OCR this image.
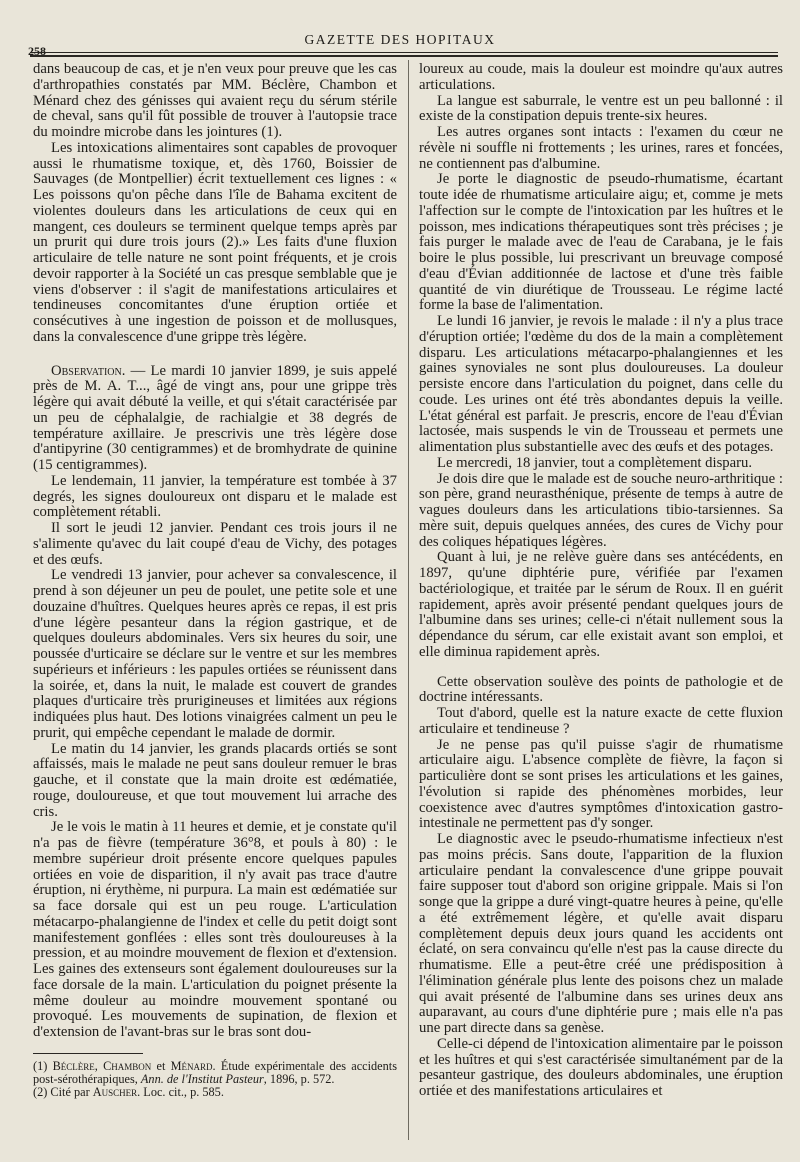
258
GAZETTE DES HOPITAUX

dans beaucoup de cas, et je n'en veux pour preuve que les cas d'arthropathies constatés par MM. Béclère, Chambon et Ménard chez des génisses qui avaient reçu du sérum stérile de cheval, sans qu'il fût possible de trouver à l'autopsie trace du moindre microbe dans les jointures (1).

Les intoxications alimentaires sont capables de provoquer aussi le rhumatisme toxique, et, dès 1760, Boissier de Sauvages (de Montpellier) écrit textuellement ces lignes : « Les poissons qu'on pêche dans l'île de Bahama excitent de violentes douleurs dans les articulations de ceux qui en mangent, ces douleurs se terminent quelque temps après par un prurit qui dure trois jours (2).» Les faits d'une fluxion articulaire de telle nature ne sont point fréquents, et je crois devoir rapporter à la Société un cas presque semblable que je viens d'observer : il s'agit de manifestations articulaires et tendineuses concomitantes d'une éruption ortiée et consécutives à une ingestion de poisson et de mollusques, dans la convalescence d'une grippe très légère.

Observation. — Le mardi 10 janvier 1899, je suis appelé près de M. A. T..., âgé de vingt ans, pour une grippe très légère qui avait débuté la veille, et qui s'était caractérisée par un peu de céphalalgie, de rachialgie et 38 degrés de température axillaire. Je prescrivis une très légère dose d'antipyrine (30 centigrammes) et de bromhydrate de quinine (15 centigrammes).

Le lendemain, 11 janvier, la température est tombée à 37 degrés, les signes douloureux ont disparu et le malade est complètement rétabli.

Il sort le jeudi 12 janvier. Pendant ces trois jours il ne s'alimente qu'avec du lait coupé d'eau de Vichy, des potages et des œufs.

Le vendredi 13 janvier, pour achever sa convalescence, il prend à son déjeuner un peu de poulet, une petite sole et une douzaine d'huîtres. Quelques heures après ce repas, il est pris d'une légère pesanteur dans la région gastrique, et de quelques douleurs abdominales. Vers six heures du soir, une poussée d'urticaire se déclare sur le ventre et sur les membres supérieurs et inférieurs : les papules ortiées se réunissent dans la soirée, et, dans la nuit, le malade est couvert de grandes plaques d'urticaire très prurigineuses et limitées aux régions indiquées plus haut. Des lotions vinaigrées calment un peu le prurit, qui empêche cependant le malade de dormir.

Le matin du 14 janvier, les grands placards ortiés se sont affaissés, mais le malade ne peut sans douleur remuer le bras gauche, et il constate que la main droite est œdématiée, rouge, douloureuse, et que tout mouvement lui arrache des cris.

Je le vois le matin à 11 heures et demie, et je constate qu'il n'a pas de fièvre (température 36°8, et pouls à 80) : le membre supérieur droit présente encore quelques papules ortiées en voie de disparition, il n'y avait pas trace d'autre éruption, ni érythème, ni purpura. La main est œdématiée sur sa face dorsale qui est un peu rouge. L'articulation métacarpo-phalangienne de l'index et celle du petit doigt sont manifestement gonflées : elles sont très douloureuses à la pression, et au moindre mouvement de flexion et d'extension. Les gaines des extenseurs sont également douloureuses sur la face dorsale de la main. L'articulation du poignet présente la même douleur au moindre mouvement spontané ou provoqué. Les mouvements de supination, de flexion et d'extension de l'avant-bras sur le bras sont dou-

(1) Béclère, Chambon et Ménard. Étude expérimentale des accidents post-sérothérapiques, Ann. de l'Institut Pasteur, 1896, p. 572.

(2) Cité par Auscher. Loc. cit., p. 585.

loureux au coude, mais la douleur est moindre qu'aux autres articulations.

La langue est saburrale, le ventre est un peu ballonné : il existe de la constipation depuis trente-six heures.

Les autres organes sont intacts : l'examen du cœur ne révèle ni souffle ni frottements ; les urines, rares et foncées, ne contiennent pas d'albumine.

Je porte le diagnostic de pseudo-rhumatisme, écartant toute idée de rhumatisme articulaire aigu; et, comme je mets l'affection sur le compte de l'intoxication par les huîtres et le poisson, mes indications thérapeutiques sont très précises ; je fais purger le malade avec de l'eau de Carabana, je le fais boire le plus possible, lui prescrivant un breuvage composé d'eau d'Évian additionnée de lactose et d'une très faible quantité de vin diurétique de Trousseau. Le régime lacté forme la base de l'alimentation.

Le lundi 16 janvier, je revois le malade : il n'y a plus trace d'éruption ortiée; l'œdème du dos de la main a complètement disparu. Les articulations métacarpo-phalangiennes et les gaines synoviales ne sont plus douloureuses. La douleur persiste encore dans l'articulation du poignet, dans celle du coude. Les urines ont été très abondantes depuis la veille. L'état général est parfait. Je prescris, encore de l'eau d'Évian lactosée, mais suspends le vin de Trousseau et permets une alimentation plus substantielle avec des œufs et des potages.

Le mercredi, 18 janvier, tout a complètement disparu.

Je dois dire que le malade est de souche neuro-arthritique : son père, grand neurasthénique, présente de temps à autre de vagues douleurs dans les articulations tibio-tarsiennes. Sa mère suit, depuis quelques années, des cures de Vichy pour des coliques hépatiques légères.

Quant à lui, je ne relève guère dans ses antécédents, en 1897, qu'une diphtérie pure, vérifiée par l'examen bactériologique, et traitée par le sérum de Roux. Il en guérit rapidement, après avoir présenté pendant quelques jours de l'albumine dans ses urines; celle-ci n'était nullement sous la dépendance du sérum, car elle existait avant son emploi, et elle diminua rapidement après.

Cette observation soulève des points de pathologie et de doctrine intéressants.

Tout d'abord, quelle est la nature exacte de cette fluxion articulaire et tendineuse ?

Je ne pense pas qu'il puisse s'agir de rhumatisme articulaire aigu. L'absence complète de fièvre, la façon si particulière dont se sont prises les articulations et les gaines, l'évolution si rapide des phénomènes morbides, leur coexistence avec d'autres symptômes d'intoxication gastro-intestinale ne permettent pas d'y songer.

Le diagnostic avec le pseudo-rhumatisme infectieux n'est pas moins précis. Sans doute, l'apparition de la fluxion articulaire pendant la convalescence d'une grippe pouvait faire supposer tout d'abord son origine grippale. Mais si l'on songe que la grippe a duré vingt-quatre heures à peine, qu'elle a été extrêmement légère, et qu'elle avait disparu complètement depuis deux jours quand les accidents ont éclaté, on sera convaincu qu'elle n'est pas la cause directe du rhumatisme. Elle a peut-être créé une prédisposition à l'élimination générale plus lente des poisons chez un malade qui avait présenté de l'albumine dans ses urines deux ans auparavant, au cours d'une diphtérie pure ; mais elle n'a pas une part directe dans sa genèse.

Celle-ci dépend de l'intoxication alimentaire par le poisson et les huîtres et qui s'est caractérisée simultanément par de la pesanteur gastrique, des douleurs abdominales, une éruption ortiée et des manifestations articulaires et
